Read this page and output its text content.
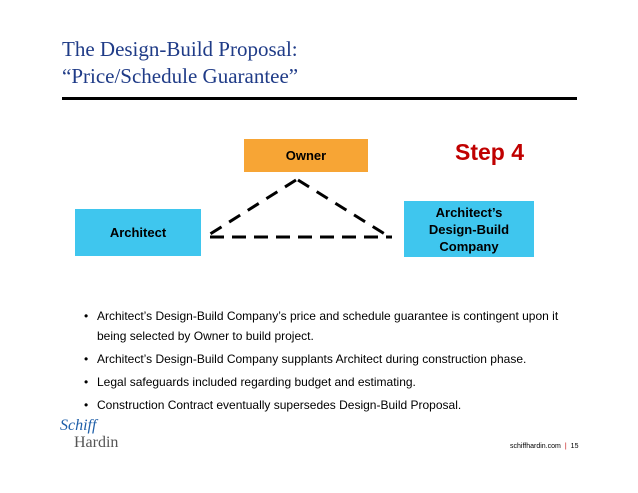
The Design-Build Proposal:
“Price/Schedule Guarantee”
Owner
Architect
Architect’s
Design-Build
Company
Step 4
• Architect’s Design-Build Company’s price and schedule guarantee is contingent upon it being selected by Owner to build project.
• Architect’s Design-Build Company supplants Architect during construction phase.
• Legal safeguards included regarding budget and estimating.
• Construction Contract eventually supersedes Design-Build Proposal.
Schiff
Hardin	schiffhardin.com | 15
